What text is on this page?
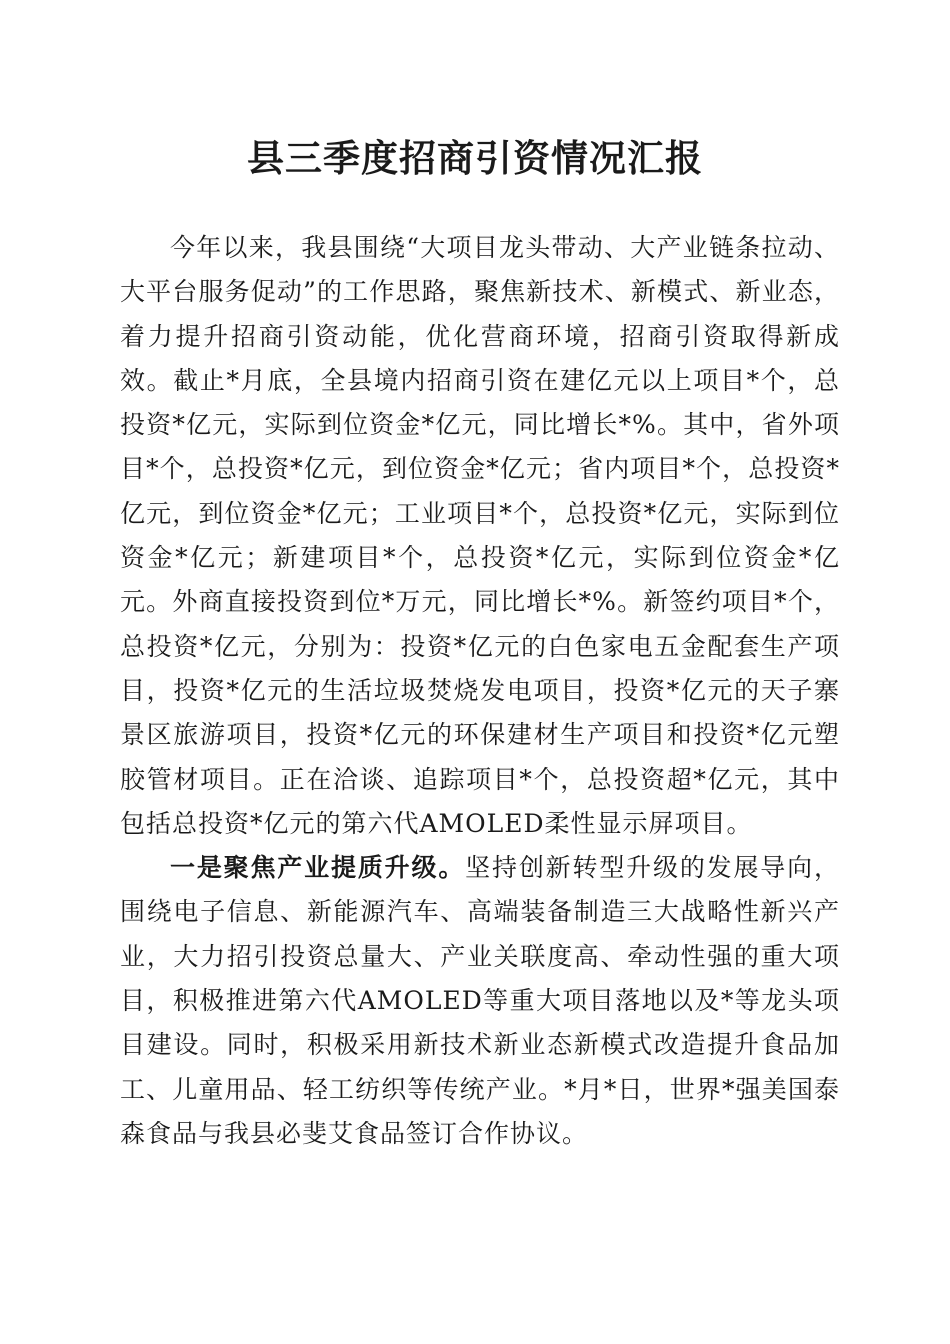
县三季度招商引资情况汇报

今年以来，我县围绕“大项目龙头带动、大产业链条拉动、大平台服务促动”的工作思路，聚焦新技术、新模式、新业态，着力提升招商引资动能，优化营商环境，招商引资取得新成效。截止*月底，全县境内招商引资在建亿元以上项目*个，总投资*亿元，实际到位资金*亿元，同比增长*%。其中，省外项目*个，总投资*亿元，到位资金*亿元；省内项目*个，总投资*亿元，到位资金*亿元；工业项目*个，总投资*亿元，实际到位资金*亿元；新建项目*个，总投资*亿元，实际到位资金*亿元。外商直接投资到位*万元，同比增长*%。新签约项目*个，总投资*亿元，分别为：投资*亿元的白色家电五金配套生产项目，投资*亿元的生活垃圾焚烧发电项目，投资*亿元的天子寨景区旅游项目，投资*亿元的环保建材生产项目和投资*亿元塑胶管材项目。正在洽谈、追踪项目*个，总投资超*亿元，其中包括总投资*亿元的第六代AMOLED柔性显示屏项目。

一是聚焦产业提质升级。坚持创新转型升级的发展导向，围绕电子信息、新能源汽车、高端装备制造三大战略性新兴产业，大力招引投资总量大、产业关联度高、牵动性强的重大项目，积极推进第六代AMOLED等重大项目落地以及*等龙头项目建设。同时，积极采用新技术新业态新模式改造提升食品加工、儿童用品、轻工纺织等传统产业。*月*日，世界*强美国泰森食品与我县必斐艾食品签订合作协议。
